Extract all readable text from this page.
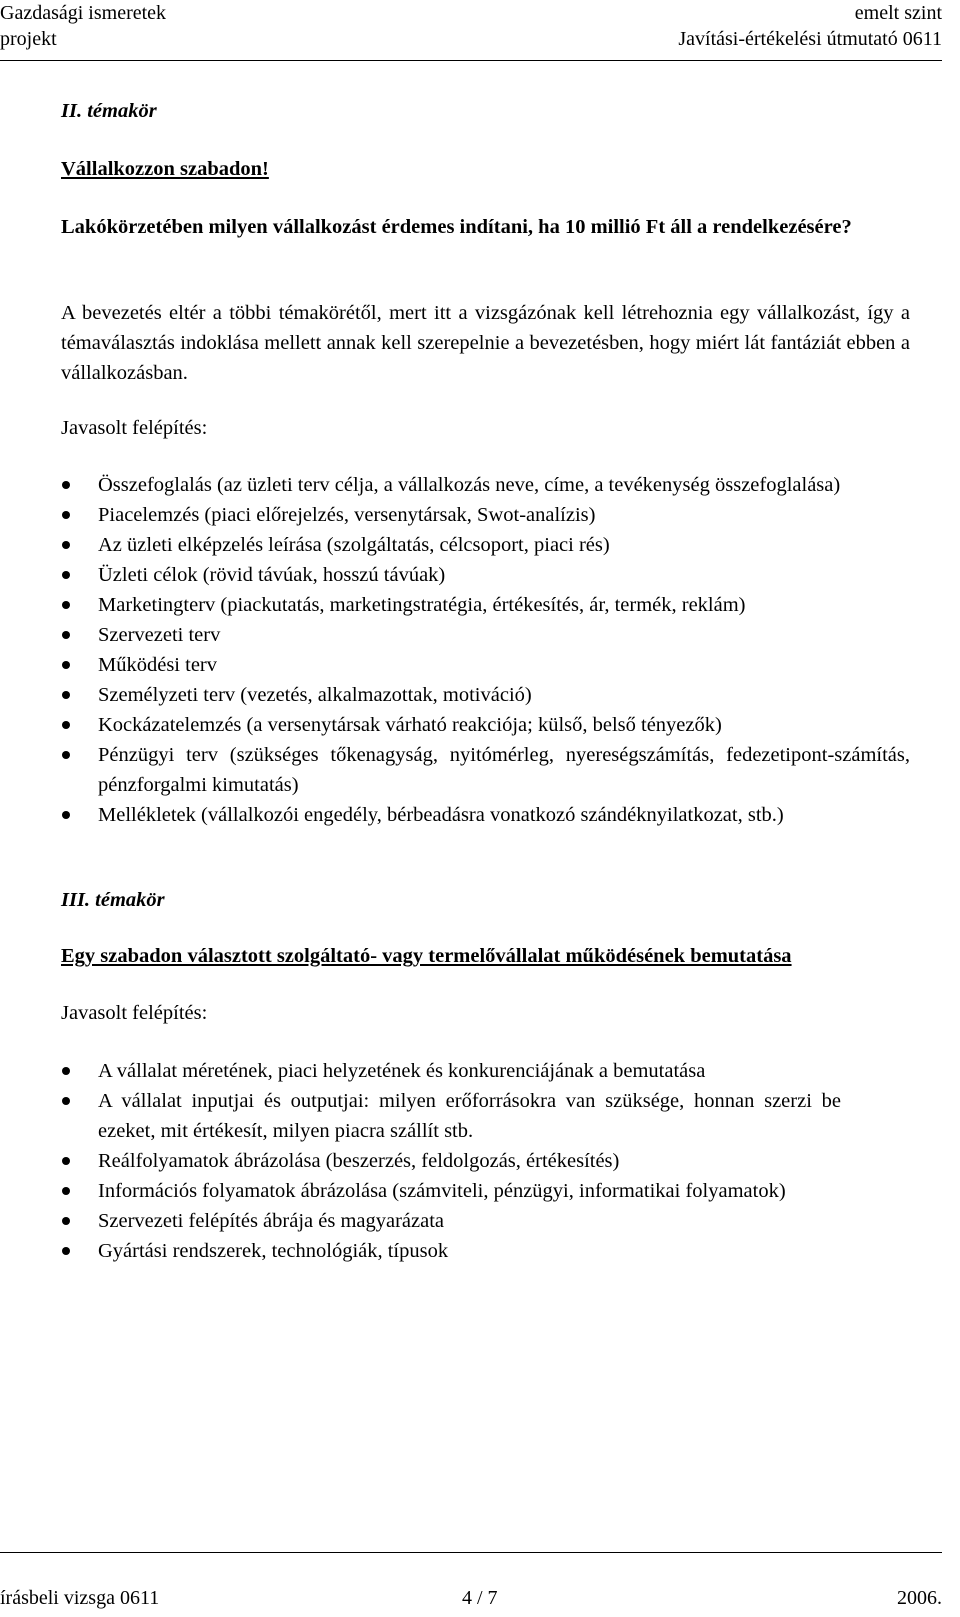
Gazdasági ismeretek	emelt szint
projekt	Javítási-értékelési útmutató 0611

II. témakör

Vállalkozzon szabadon!

Lakókörzetében milyen vállalkozást érdemes indítani, ha 10 millió Ft áll a rendelkezésére?

A bevezetés eltér a többi témakörétől, mert itt a vizsgázónak kell létrehoznia egy vállalkozást, így a témaválasztás indoklása mellett annak kell szerepelnie a bevezetésben, hogy miért lát fantáziát ebben a vállalkozásban.

Javasolt felépítés:

Összefoglalás (az üzleti terv célja, a vállalkozás neve, címe, a tevékenység összefoglalása)
Piacelemzés (piaci előrejelzés, versenytársak, Swot-analízis)
Az üzleti elképzelés leírása (szolgáltatás, célcsoport, piaci rés)
Üzleti célok (rövid távúak, hosszú távúak)
Marketingterv (piackutatás, marketingstratégia, értékesítés, ár, termék, reklám)
Szervezeti terv
Működési terv
Személyzeti terv (vezetés, alkalmazottak, motiváció)
Kockázatelemzés (a versenytársak várható reakciója; külső, belső tényezők)
Pénzügyi terv (szükséges tőkenagyság, nyitómérleg, nyereségszámítás, fedezetipont-számítás, pénzforgalmi kimutatás)
Mellékletek (vállalkozói engedély, bérbeadásra vonatkozó szándéknyilatkozat, stb.)

III. témakör

Egy szabadon választott szolgáltató- vagy termelővállalat működésének bemutatása

Javasolt felépítés:

A vállalat méretének, piaci helyzetének és konkurenciájának a bemutatása
A vállalat inputjai és outputjai: milyen erőforrásokra van szüksége, honnan szerzi be ezeket, mit értékesít, milyen piacra szállít stb.
Reálfolyamatok ábrázolása (beszerzés, feldolgozás, értékesítés)
Információs folyamatok ábrázolása (számviteli, pénzügyi, informatikai folyamatok)
Szervezeti felépítés ábrája és magyarázata
Gyártási rendszerek, technológiák, típusok
írásbeli vizsga 0611	4 / 7	2006.
